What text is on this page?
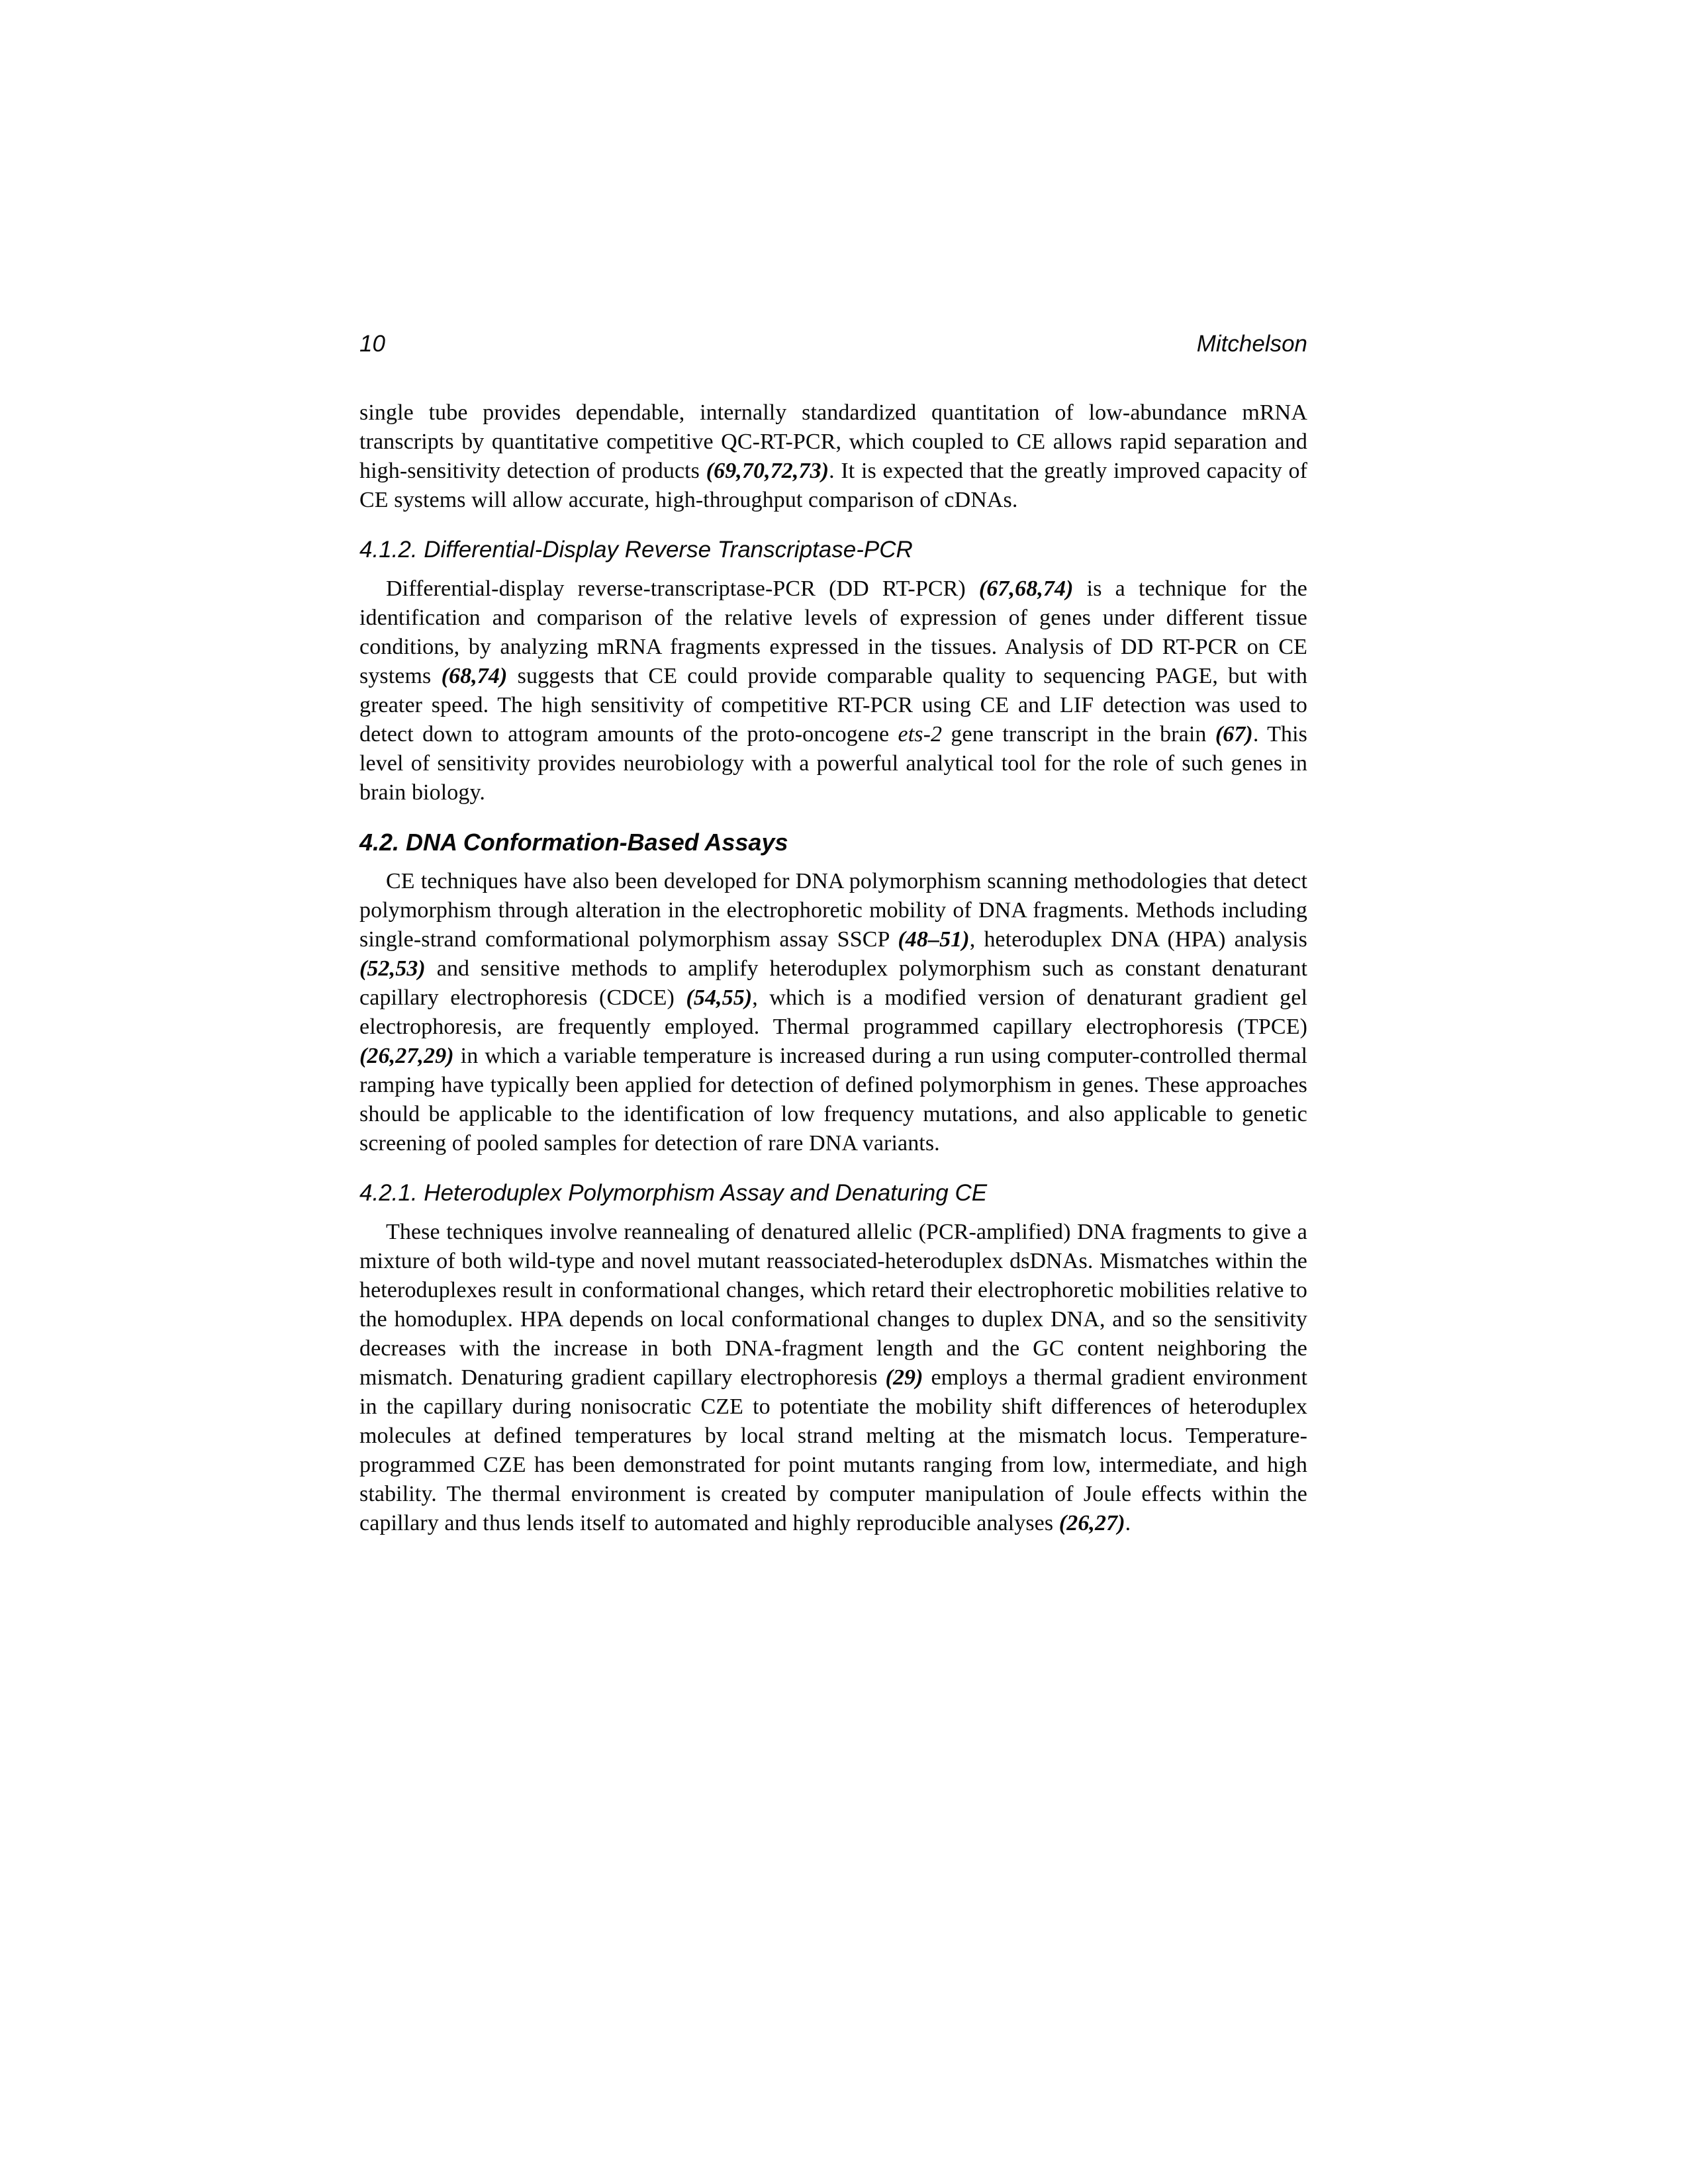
10	Mitchelson

single tube provides dependable, internally standardized quantitation of low-abundance mRNA transcripts by quantitative competitive QC-RT-PCR, which coupled to CE allows rapid separation and high-sensitivity detection of products (69,70,72,73). It is expected that the greatly improved capacity of CE systems will allow accurate, high-throughput comparison of cDNAs.

4.1.2. Differential-Display Reverse Transcriptase-PCR

Differential-display reverse-transcriptase-PCR (DD RT-PCR) (67,68,74) is a technique for the identification and comparison of the relative levels of expression of genes under different tissue conditions, by analyzing mRNA fragments expressed in the tissues. Analysis of DD RT-PCR on CE systems (68,74) suggests that CE could provide comparable quality to sequencing PAGE, but with greater speed. The high sensitivity of competitive RT-PCR using CE and LIF detection was used to detect down to attogram amounts of the proto-oncogene ets-2 gene transcript in the brain (67). This level of sensitivity provides neurobiology with a powerful analytical tool for the role of such genes in brain biology.

4.2. DNA Conformation-Based Assays

CE techniques have also been developed for DNA polymorphism scanning methodologies that detect polymorphism through alteration in the electrophoretic mobility of DNA fragments. Methods including single-strand comformational polymorphism assay SSCP (48–51), heteroduplex DNA (HPA) analysis (52,53) and sensitive methods to amplify heteroduplex polymorphism such as constant denaturant capillary electrophoresis (CDCE) (54,55), which is a modified version of denaturant gradient gel electrophoresis, are frequently employed. Thermal programmed capillary electrophoresis (TPCE) (26,27,29) in which a variable temperature is increased during a run using computer-controlled thermal ramping have typically been applied for detection of defined polymorphism in genes. These approaches should be applicable to the identification of low frequency mutations, and also applicable to genetic screening of pooled samples for detection of rare DNA variants.

4.2.1. Heteroduplex Polymorphism Assay and Denaturing CE

These techniques involve reannealing of denatured allelic (PCR-amplified) DNA fragments to give a mixture of both wild-type and novel mutant reassociated-heteroduplex dsDNAs. Mismatches within the heteroduplexes result in conformational changes, which retard their electrophoretic mobilities relative to the homoduplex. HPA depends on local conformational changes to duplex DNA, and so the sensitivity decreases with the increase in both DNA-fragment length and the GC content neighboring the mismatch. Denaturing gradient capillary electrophoresis (29) employs a thermal gradient environment in the capillary during nonisocratic CZE to potentiate the mobility shift differences of heteroduplex molecules at defined temperatures by local strand melting at the mismatch locus. Temperature-programmed CZE has been demonstrated for point mutants ranging from low, intermediate, and high stability. The thermal environment is created by computer manipulation of Joule effects within the capillary and thus lends itself to automated and highly reproducible analyses (26,27).
